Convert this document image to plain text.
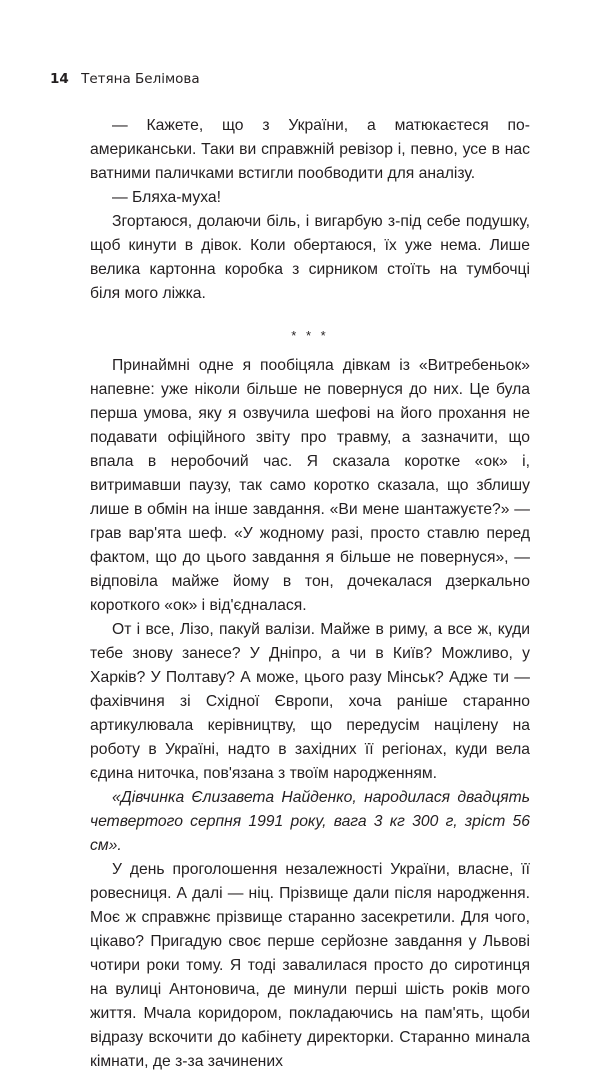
14 Тетяна Белімова

— Кажете, що з України, а матюкаєтеся по-американськи. Таки ви справжній ревізор і, певно, усе в нас ватними паличками встигли пообводити для аналізу.

— Бляха-муха!

Згортаюся, долаючи біль, і вигарбую з-під себе подушку, щоб кинути в дівок. Коли обертаюся, їх уже нема. Лише велика картонна коробка з сирником стоїть на тумбочці біля мого ліжка.

* * *

Принаймні одне я пообіцяла дівкам із «Витребеньок» напевне: уже ніколи більше не повернуся до них. Це була перша умова, яку я озвучила шефові на його прохання не подавати офіційного звіту про травму, а зазначити, що впала в неробочий час. Я сказала коротке «ок» і, витримавши паузу, так само коротко сказала, що зблишу лише в обмін на інше завдання. «Ви мене шантажуєте?» — грав вар'ята шеф. «У жодному разі, просто ставлю перед фактом, що до цього завдання я більше не повернуся», — відповіла майже йому в тон, дочекалася дзеркально короткого «ок» і від'єдналася.

От і все, Лізо, пакуй валізи. Майже в риму, а все ж, куди тебе знову занесе? У Дніпро, а чи в Київ? Можливо, у Харків? У Полтаву? А може, цього разу Мінськ? Адже ти — фахівчиня зі Східної Європи, хоча раніше старанно артикулювала керівництву, що передусім націлену на роботу в Україні, надто в західних її регіонах, куди вела єдина ниточка, пов'язана з твоїм народженням.

«Дівчинка Єлизавета Найденко, народилася двадцять четвертого серпня 1991 року, вага 3 кг 300 г, зріст 56 см».

У день проголошення незалежності України, власне, її ровесниця. А далі — ніц. Прізвище дали після народження. Моє ж справжнє прізвище старанно засекретили. Для чого, цікаво? Пригадую своє перше серйозне завдання у Львові чотири роки тому. Я тоді завалилася просто до сиротинця на вулиці Антоновича, де минули перші шість років мого життя. Мчала коридором, покладаючись на пам'ять, щоби відразу вскочити до кабінету директорки. Старанно минала кімнати, де з-за зачинених
